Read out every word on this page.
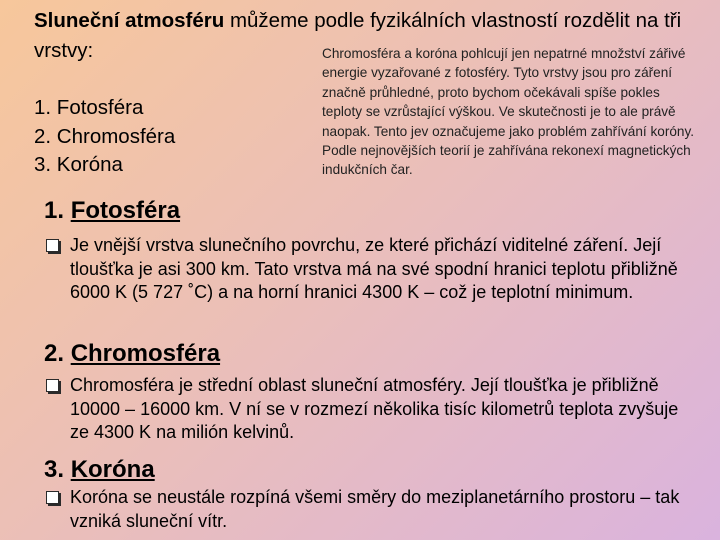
Sluneční atmosféru můžeme podle fyzikálních vlastností rozdělit na tři vrstvy:	Chromosféra a koróna pohlcují jen nepatrné množství zářivé energie vyzařované z fotosféry. Tyto vrstvy jsou pro záření značně průhledné, proto bychom očekávali spíše pokles teploty se vzrůstající výškou. Ve skutečnosti je to ale právě naopak. Tento jev označujeme jako problém zahřívání koróny. Podle nejnovějších teorií je zahřívána rekonexí magnetických indukčních čar.
1. Fotosféra
2. Chromosféra
3. Koróna
1. Fotosféra
Je vnější vrstva slunečního povrchu, ze které přichází viditelné záření. Její tloušťka je asi 300 km. Tato vrstva má na své spodní hranici teplotu přibližně 6000 K (5 727 ˚C) a na horní hranici 4300 K – což je teplotní minimum.
2. Chromosféra
Chromosféra je střední oblast sluneční atmosféry. Její tloušťka je přibližně 10000 – 16000 km. V ní se v rozmezí několika tisíc kilometrů teplota zvyšuje ze 4300 K na milión kelvinů.
3. Koróna
Koróna se neustále rozpíná všemi směry do meziplanetárního prostoru – tak vzniká sluneční vítr.
